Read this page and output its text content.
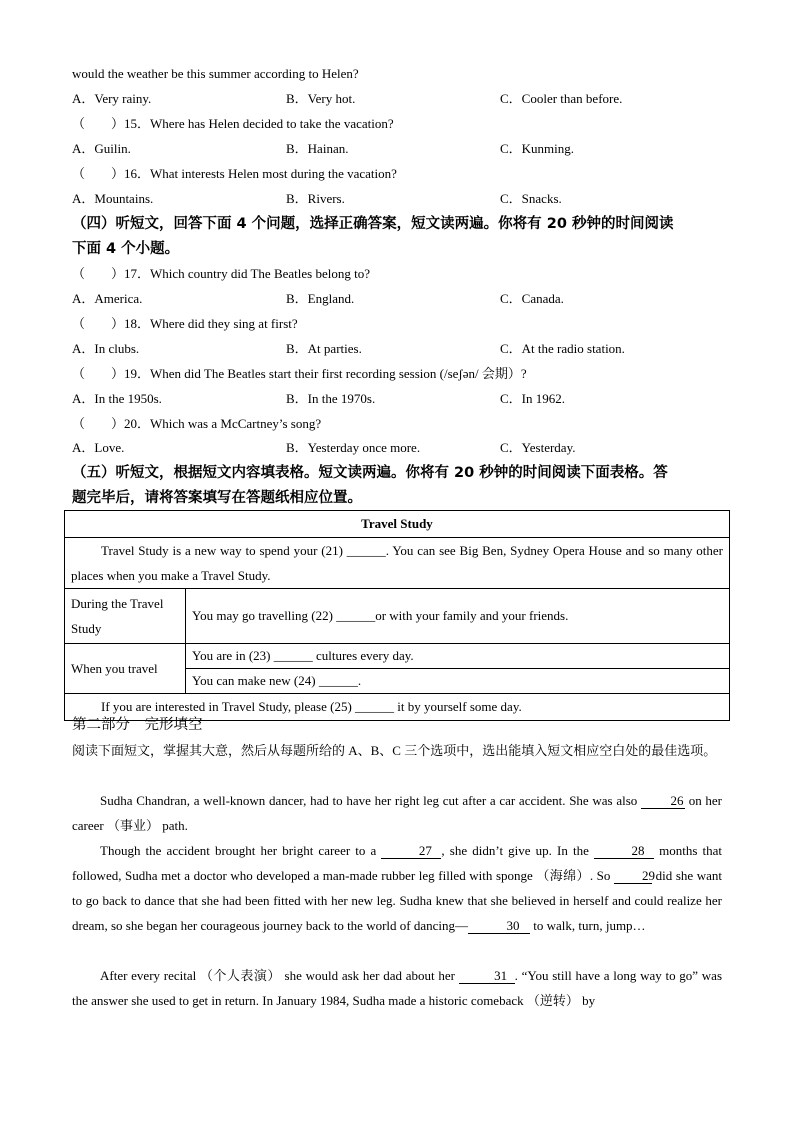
would the weather be this summer according to Helen?
A．Very rainy.	B．Very hot.	C．Cooler than before.
（　　）15．Where has Helen decided to take the vacation?
A．Guilin.	B．Hainan.	C．Kunming.
（　　）16．What interests Helen most during the vacation?
A．Mountains.	B．Rivers.	C．Snacks.
（四）听短文，回答下面 4 个问题，选择正确答案，短文读两遍。你将有 20 秒钟的时间阅读
下面 4 个小题。
（　　）17．Which country did The Beatles belong to?
A．America.	B．England.	C．Canada.
（　　）18．Where did they sing at first?
A．In clubs.	B．At parties.	C．At the radio station.
（　　）19．When did The Beatles start their first recording session (/seʃən/ 会期）?
A．In the 1950s.	B．In the 1970s.	C．In 1962.
（　　）20．Which was a McCartney’s song?
A．Love.	B．Yesterday once more.	C．Yesterday.
（五）听短文，根据短文内容填表格。短文读两遍。你将有 20 秒钟的时间阅读下面表格。答
题完毕后，请将答案填写在答题纸相应位置。
Travel Study	
Travel Study is a new way to spend your (21) ______. You can see Big Ben, Sydney Opera House and so many other places when you make a Travel Study.	
During the Travel Study	You may go travelling (22) ______or with your family and your friends.
When you travel	You are in (23) ______ cultures every day.
	You can make new (24) ______.
If you are interested in Travel Study, please (25) ______ it by yourself some day.	
第二部分　完形填空
阅读下面短文，掌握其大意，然后从每题所给的 A、B、C 三个选项中，选出能填入短文相应空白处的最佳选项。
Sudha Chandran, a well-known dancer, had to have her right leg cut after a car accident. She was also	26 on her career （事业） path.
Though the accident brought her bright career to a	27 , she didn’t give up. In the	28 months that followed, Sudha met a doctor who developed a man-made rubber leg filled with sponge （海绵）. So 29 did she want to go back to dance that she had been fitted with her new leg. Sudha knew that she believed in herself and could realize her dream, so she began her courageous journey back to the world of dancing—	30 to walk, turn, jump…
After every recital （个人表演） she would ask her dad about her	31 . “You still have a long way to go” was the answer she used to get in return. In January 1984, Sudha made a historic comeback （逆转） by
